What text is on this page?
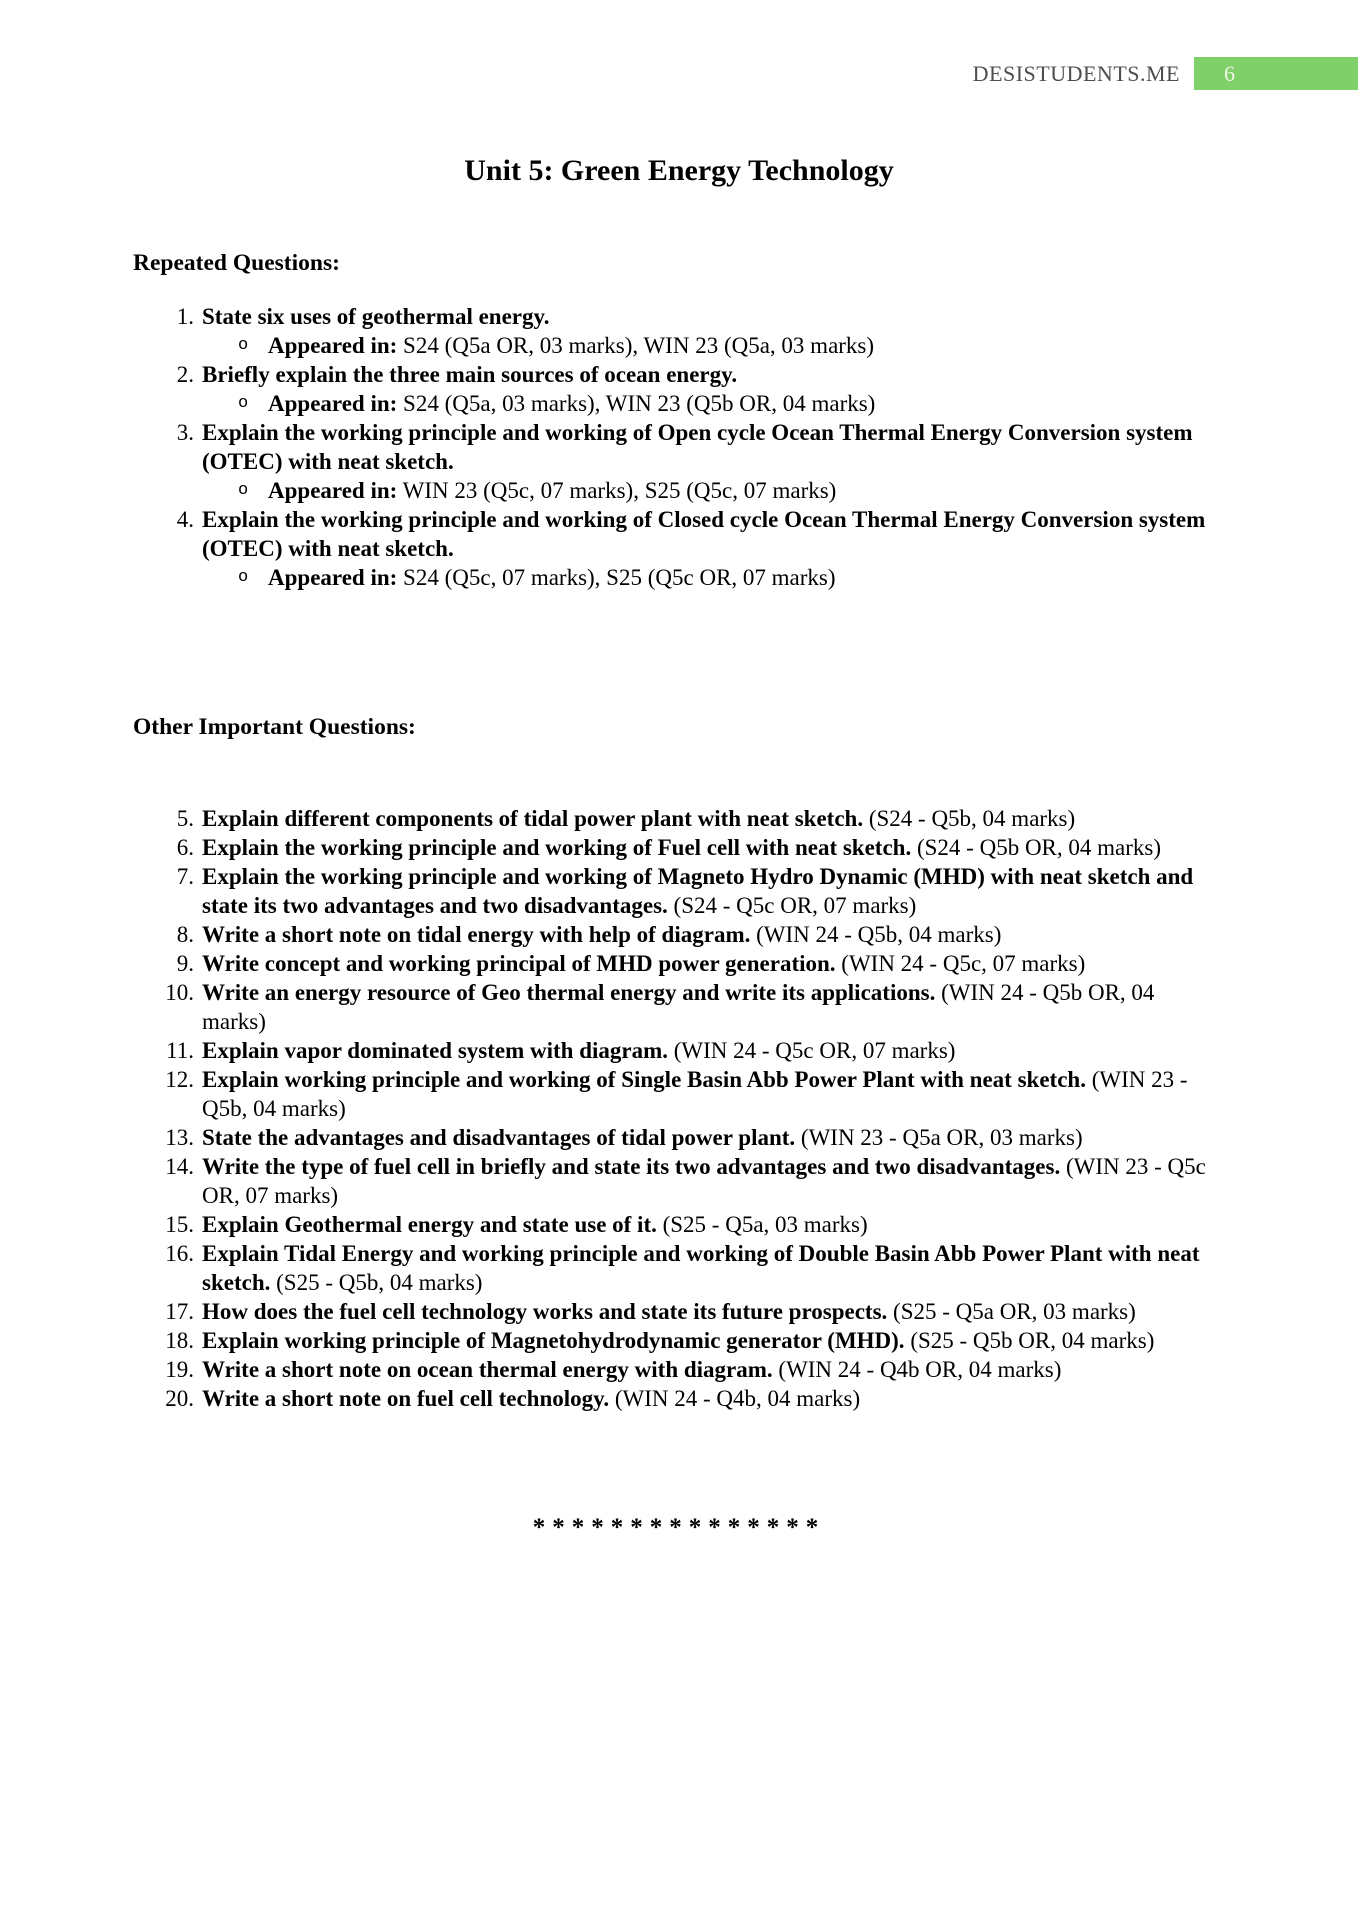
DESISTUDENTS.ME 6
Unit 5: Green Energy Technology
Repeated Questions:
1. State six uses of geothermal energy.
o Appeared in: S24 (Q5a OR, 03 marks), WIN 23 (Q5a, 03 marks)
2. Briefly explain the three main sources of ocean energy.
o Appeared in: S24 (Q5a, 03 marks), WIN 23 (Q5b OR, 04 marks)
3. Explain the working principle and working of Open cycle Ocean Thermal Energy Conversion system (OTEC) with neat sketch.
o Appeared in: WIN 23 (Q5c, 07 marks), S25 (Q5c, 07 marks)
4. Explain the working principle and working of Closed cycle Ocean Thermal Energy Conversion system (OTEC) with neat sketch.
o Appeared in: S24 (Q5c, 07 marks), S25 (Q5c OR, 07 marks)
Other Important Questions:
5. Explain different components of tidal power plant with neat sketch. (S24 - Q5b, 04 marks)
6. Explain the working principle and working of Fuel cell with neat sketch. (S24 - Q5b OR, 04 marks)
7. Explain the working principle and working of Magneto Hydro Dynamic (MHD) with neat sketch and state its two advantages and two disadvantages. (S24 - Q5c OR, 07 marks)
8. Write a short note on tidal energy with help of diagram. (WIN 24 - Q5b, 04 marks)
9. Write concept and working principal of MHD power generation. (WIN 24 - Q5c, 07 marks)
10. Write an energy resource of Geo thermal energy and write its applications. (WIN 24 - Q5b OR, 04 marks)
11. Explain vapor dominated system with diagram. (WIN 24 - Q5c OR, 07 marks)
12. Explain working principle and working of Single Basin Abb Power Plant with neat sketch. (WIN 23 - Q5b, 04 marks)
13. State the advantages and disadvantages of tidal power plant. (WIN 23 - Q5a OR, 03 marks)
14. Write the type of fuel cell in briefly and state its two advantages and two disadvantages. (WIN 23 - Q5c OR, 07 marks)
15. Explain Geothermal energy and state use of it. (S25 - Q5a, 03 marks)
16. Explain Tidal Energy and working principle and working of Double Basin Abb Power Plant with neat sketch. (S25 - Q5b, 04 marks)
17. How does the fuel cell technology works and state its future prospects. (S25 - Q5a OR, 03 marks)
18. Explain working principle of Magnetohydrodynamic generator (MHD). (S25 - Q5b OR, 04 marks)
19. Write a short note on ocean thermal energy with diagram. (WIN 24 - Q4b OR, 04 marks)
20. Write a short note on fuel cell technology. (WIN 24 - Q4b, 04 marks)
***************
